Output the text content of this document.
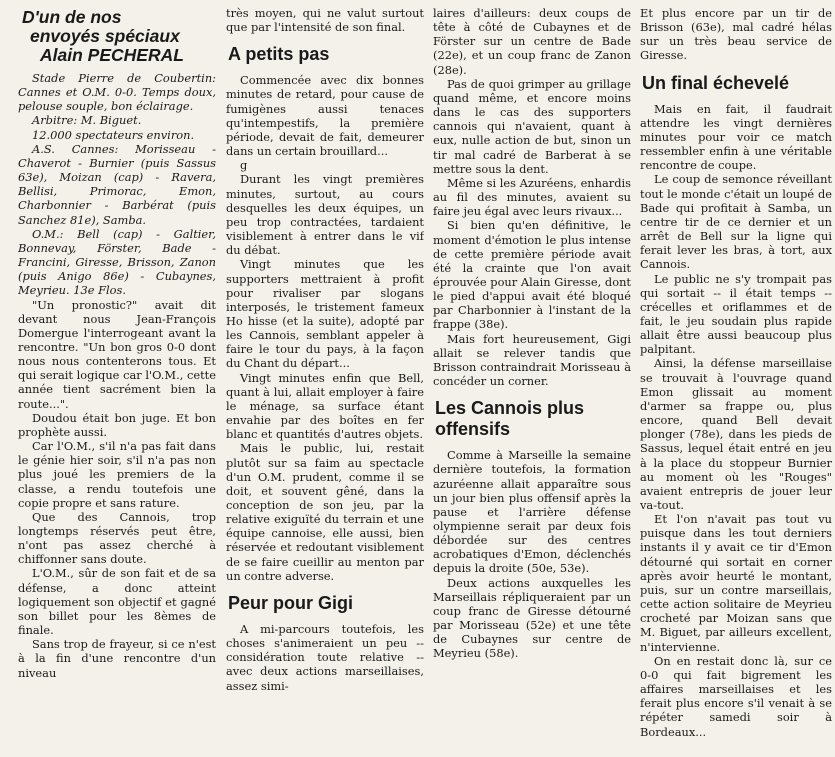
D'un de nos
envoyés spéciaux
Alain PECHERAL

Stade Pierre de Coubertin: Cannes et O.M. 0-0. Temps doux, pelouse souple, bon éclairage.

Arbitre: M. Biguet.

12.000 spectateurs environ.

A.S. Cannes: Morisseau - Chaverot - Burnier (puis Sassus 63e), Moizan (cap) - Ravera, Bellisi, Primorac, Emon, Charbonnier - Barbérat (puis Sanchez 81e), Samba.

O.M.: Bell (cap) - Galtier, Bonnevay, Förster, Bade - Francini, Giresse, Brisson, Zanon (puis Anigo 86e) - Cubaynes, Meyrieu. 13e Flos.

"Un pronostic?" avait dit devant nous Jean-François Domergue l'interrogeant avant la rencontre. "Un bon gros 0-0 dont nous nous contenterons tous. Et qui serait logique car l'O.M., cette année tient sacrément bien la route...".

Doudou était bon juge. Et bon prophète aussi.

Car l'O.M., s'il n'a pas fait dans le génie hier soir, s'il n'a pas non plus joué les premiers de la classe, a rendu toutefois une copie propre et sans rature.

Que des Cannois, trop longtemps réservés peut être, n'ont pas assez cherché à chiffonner sans doute.

L'O.M., sûr de son fait et de sa défense, a donc atteint logiquement son objectif et gagné son billet pour les 8èmes de finale.

Sans trop de frayeur, si ce n'est à la fin d'une rencontre d'un niveau

très moyen, qui ne valut surtout que par l'intensité de son final.

A petits pas

Commencée avec dix bonnes minutes de retard, pour cause de fumigènes aussi tenaces qu'intempestifs, la première période, devait de fait, demeurer dans un certain brouillard...

g

Durant les vingt premières minutes, surtout, au cours desquelles les deux équipes, un peu trop contractées, tardaient visiblement à entrer dans le vif du débat.

Vingt minutes que les supporters mettraient à profit pour rivaliser par slogans interposés, le tristement fameux Ho hisse (et la suite), adopté par les Cannois, semblant appeler à faire le tour du pays, à la façon du Chant du départ...

Vingt minutes enfin que Bell, quant à lui, allait employer à faire le ménage, sa surface étant envahie par des boîtes en fer blanc et quantités d'autres objets.

Mais le public, lui, restait plutôt sur sa faim au spectacle d'un O.M. prudent, comme il se doit, et souvent gêné, dans la conception de son jeu, par la relative exiguïté du terrain et une équipe cannoise, elle aussi, bien réservée et redoutant visiblement de se faire cueillir au menton par un contre adverse.

Peur pour Gigi

A mi-parcours toutefois, les choses s'animeraient un peu -- considération toute relative -- avec deux actions marseillaises, assez simi-

laires d'ailleurs: deux coups de tête à côté de Cubaynes et de Förster sur un centre de Bade (22e), et un coup franc de Zanon (28e).

Pas de quoi grimper au grillage quand même, et encore moins dans le cas des supporters cannois qui n'avaient, quant à eux, nulle action de but, sinon un tir mal cadré de Barberat à se mettre sous la dent.

Même si les Azuréens, enhardis au fil des minutes, avaient su faire jeu égal avec leurs rivaux...

Si bien qu'en définitive, le moment d'émotion le plus intense de cette première période avait été la crainte que l'on avait éprouvée pour Alain Giresse, dont le pied d'appui avait été bloqué par Charbonnier à l'instant de la frappe (38e).

Mais fort heureusement, Gigi allait se relever tandis que Brisson contraindrait Morisseau à concéder un corner.

Les Cannois plus offensifs

Comme à Marseille la semaine dernière toutefois, la formation azuréenne allait apparaître sous un jour bien plus offensif après la pause et l'arrière défense olympienne serait par deux fois débordée sur des centres acrobatiques d'Emon, déclenchés depuis la droite (50e, 53e).

Deux actions auxquelles les Marseillais répliqueraient par un coup franc de Giresse détourné par Morisseau (52e) et une tête de Cubaynes sur centre de Meyrieu (58e).

Et plus encore par un tir de Brisson (63e), mal cadré hélas sur un très beau service de Giresse.

Un final échevelé

Mais en fait, il faudrait attendre les vingt dernières minutes pour voir ce match ressembler enfin à une véritable rencontre de coupe.

Le coup de semonce réveillant tout le monde c'était un loupé de Bade qui profitait à Samba, un centre tir de ce dernier et un arrêt de Bell sur la ligne qui ferait lever les bras, à tort, aux Cannois.

Le public ne s'y trompait pas qui sortait -- il était temps -- crécelles et oriflammes et de fait, le jeu soudain plus rapide allait être aussi beaucoup plus palpitant.

Ainsi, la défense marseillaise se trouvait à l'ouvrage quand Emon glissait au moment d'armer sa frappe ou, plus encore, quand Bell devait plonger (78e), dans les pieds de Sassus, lequel était entré en jeu à la place du stoppeur Burnier au moment où les "Rouges" avaient entrepris de jouer leur va-tout.

Et l'on n'avait pas tout vu puisque dans les tout derniers instants il y avait ce tir d'Emon détourné qui sortait en corner après avoir heurté le montant, puis, sur un contre marseillais, cette action solitaire de Meyrieu crocheté par Moizan sans que M. Biguet, par ailleurs excellent, n'intervienne.

On en restait donc là, sur ce 0-0 qui fait bigrement les affaires marseillaises et les ferait plus encore s'il venait à se répéter samedi soir à Bordeaux...
